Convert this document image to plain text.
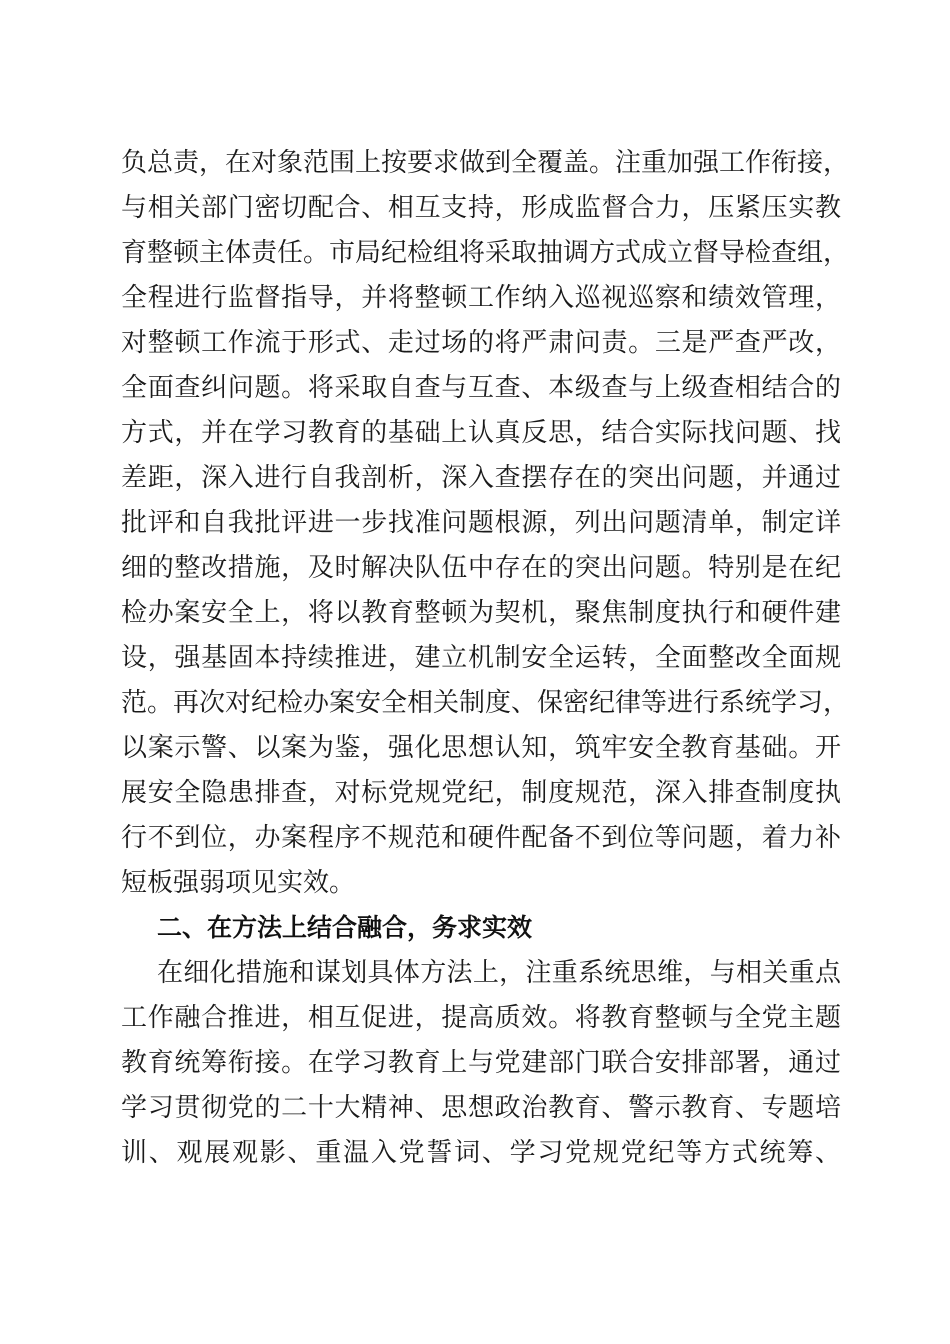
负总责，在对象范围上按要求做到全覆盖。注重加强工作衔接，
与相关部门密切配合、相互支持，形成监督合力，压紧压实教
育整顿主体责任。市局纪检组将采取抽调方式成立督导检查组，
全程进行监督指导，并将整顿工作纳入巡视巡察和绩效管理，
对整顿工作流于形式、走过场的将严肃问责。三是严查严改，
全面查纠问题。将采取自查与互查、本级查与上级查相结合的
方式，并在学习教育的基础上认真反思，结合实际找问题、找
差距，深入进行自我剖析，深入查摆存在的突出问题，并通过
批评和自我批评进一步找准问题根源，列出问题清单，制定详
细的整改措施，及时解决队伍中存在的突出问题。特别是在纪
检办案安全上，将以教育整顿为契机，聚焦制度执行和硬件建
设，强基固本持续推进，建立机制安全运转，全面整改全面规
范。再次对纪检办案安全相关制度、保密纪律等进行系统学习，
以案示警、以案为鉴，强化思想认知，筑牢安全教育基础。开
展安全隐患排查，对标党规党纪，制度规范，深入排查制度执
行不到位，办案程序不规范和硬件配备不到位等问题，着力补
短板强弱项见实效。
二、在方法上结合融合，务求实效
在细化措施和谋划具体方法上，注重系统思维，与相关重点
工作融合推进，相互促进，提高质效。将教育整顿与全党主题
教育统筹衔接。在学习教育上与党建部门联合安排部署，通过
学习贯彻党的二十大精神、思想政治教育、警示教育、专题培
训、观展观影、重温入党誓词、学习党规党纪等方式统筹、
